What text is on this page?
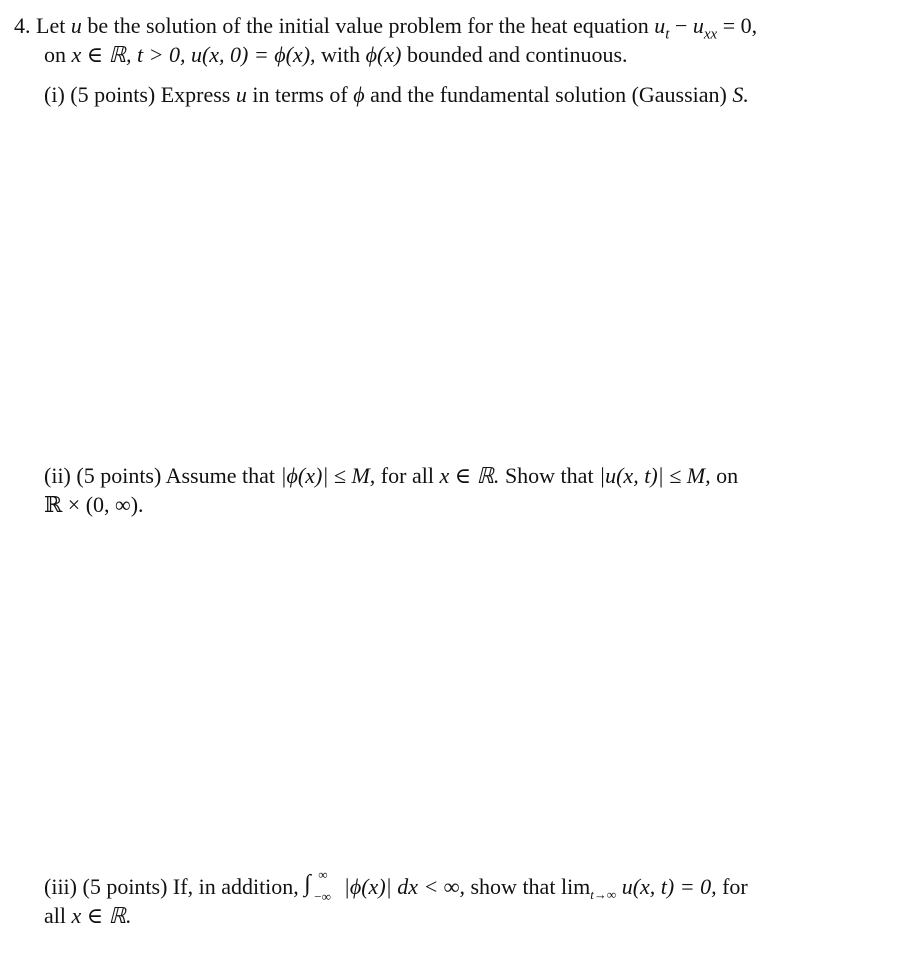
4. Let u be the solution of the initial value problem for the heat equation $u_t - u_{xx} = 0$,
on x ∈ ℝ, t > 0, u(x, 0) = ϕ(x), with ϕ(x) bounded and continuous.
(i) (5 points) Express u in terms of ϕ and the fundamental solution (Gaussian) S.
(ii) (5 points) Assume that |ϕ(x)| ≤ M, for all x ∈ ℝ. Show that |u(x, t)| ≤ M, on
ℝ × (0, ∞).
(iii) (5 points) If, in addition, ∫ ∞
−∞ |ϕ(x)| dx < ∞, show that $\lim_{t\to\infty} u(x$, t) = 0, for
all x ∈ ℝ.
